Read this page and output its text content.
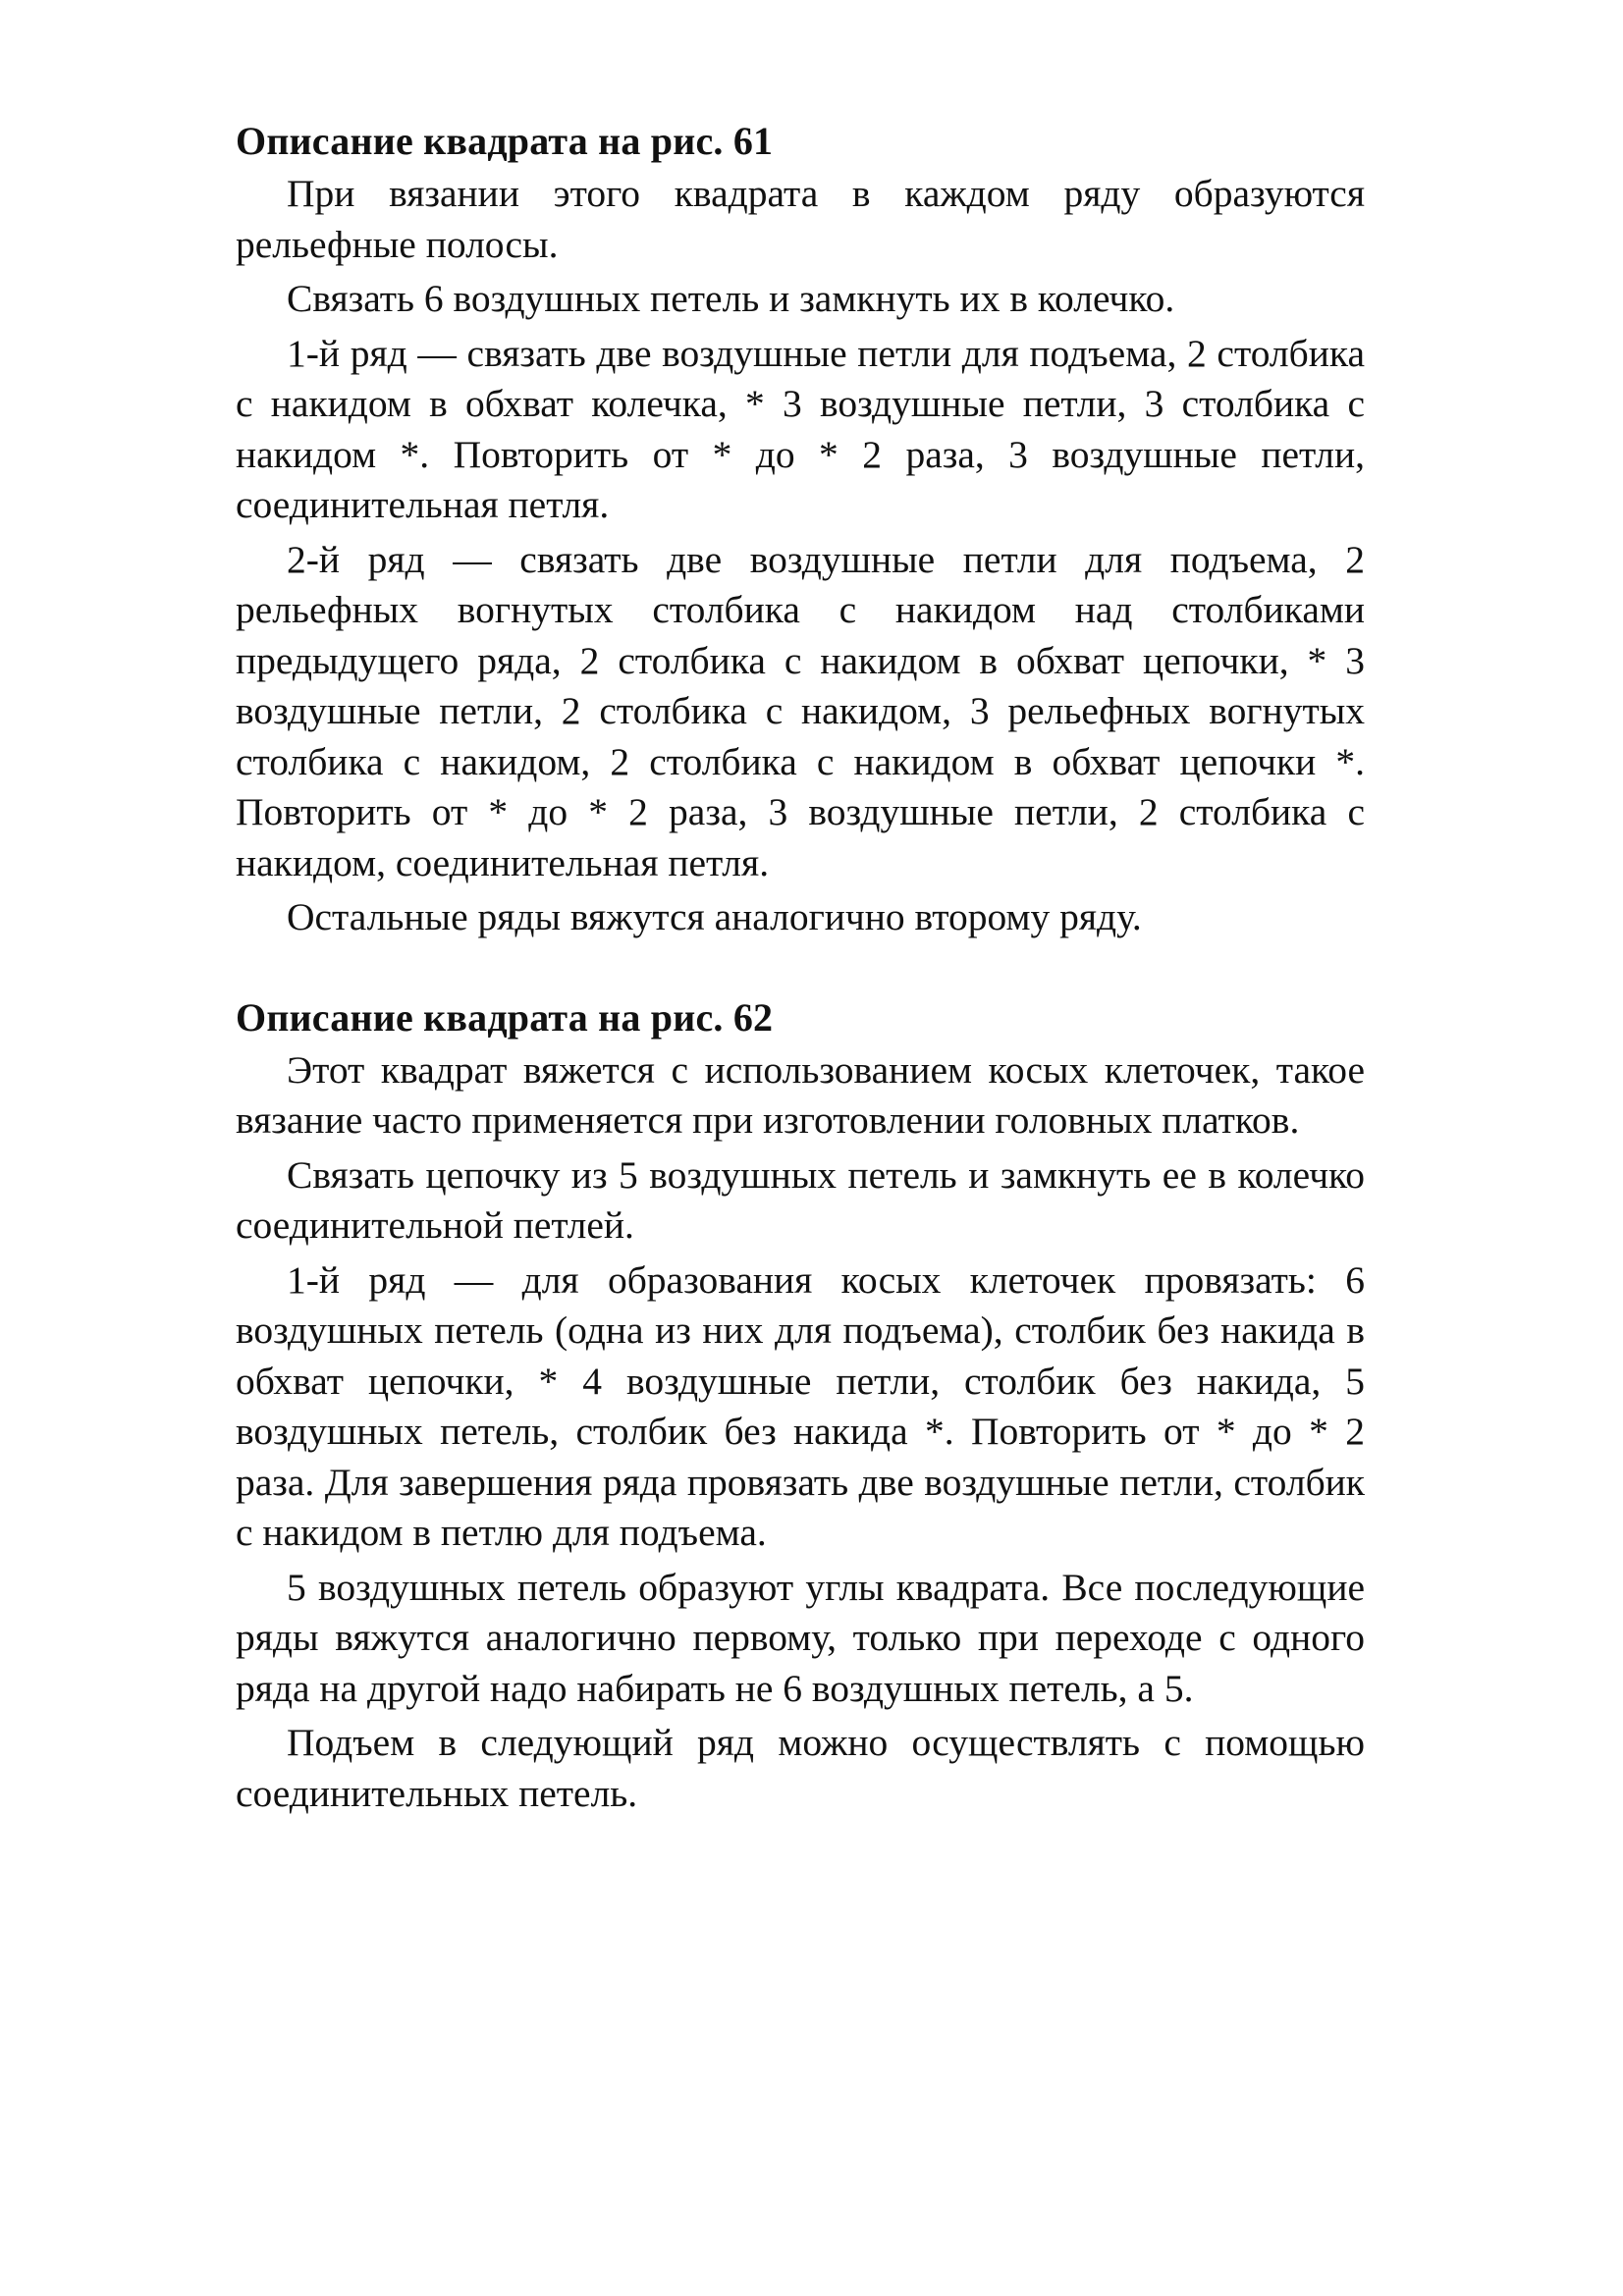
Описание квадрата на рис. 61

При вязании этого квадрата в каждом ряду образуются рельефные полосы.

Связать 6 воздушных петель и замкнуть их в колечко.

1-й ряд — связать две воздушные петли для подъема, 2 столбика с накидом в обхват колечка, * 3 воздушные петли, 3 столбика с накидом *. Повторить от * до * 2 раза, 3 воздушные петли, соединительная петля.

2-й ряд — связать две воздушные петли для подъема, 2 рельефных вогнутых столбика с накидом над столбиками предыдущего ряда, 2 столбика с накидом в обхват цепочки, * 3 воздушные петли, 2 столбика с накидом, 3 рельефных вогнутых столбика с накидом, 2 столбика с накидом в обхват цепочки *. Повторить от * до * 2 раза, 3 воздушные петли, 2 столбика с накидом, соединительная петля.

Остальные ряды вяжутся аналогично второму ряду.

Описание квадрата на рис. 62

Этот квадрат вяжется с использованием косых клеточек, такое вязание часто применяется при изготовлении головных платков.

Связать цепочку из 5 воздушных петель и замкнуть ее в колечко соединительной петлей.

1-й ряд — для образования косых клеточек провязать: 6 воздушных петель (одна из них для подъема), столбик без накида в обхват цепочки, * 4 воздушные петли, столбик без накида, 5 воздушных петель, столбик без накида *. Повторить от * до * 2 раза. Для завершения ряда провязать две воздушные петли, столбик с накидом в петлю для подъема.

5 воздушных петель образуют углы квадрата. Все последующие ряды вяжутся аналогично первому, только при переходе с одного ряда на другой надо набирать не 6 воздушных петель, а 5.

Подъем в следующий ряд можно осуществлять с помощью соединительных петель.
